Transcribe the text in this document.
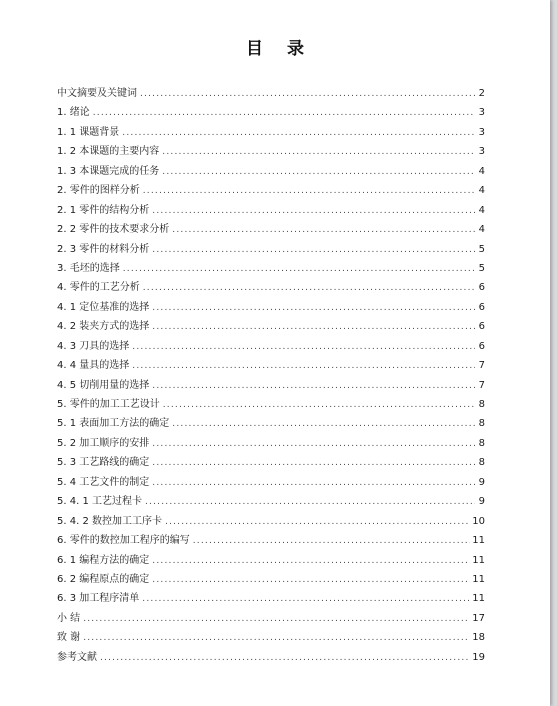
目 录
中文摘要及关键词 .....	2
1. 绪论 .....	3
1. 1 课题背景 .....	3
1. 2 本课题的主要内容 .....	3
1. 3 本课题完成的任务 .....	4
2. 零件的图样分析 .....	4
2. 1 零件的结构分析 .....	4
2. 2 零件的技术要求分析 .....	4
2. 3 零件的材料分析 .....	5
3. 毛坯的选择 .....	5
4. 零件的工艺分析 .....	6
4. 1 定位基准的选择 .....	6
4. 2 装夹方式的选择 .....	6
4. 3 刀具的选择 .....	6
4. 4 量具的选择 .....	7
4. 5 切削用量的选择 .....	7
5. 零件的加工工艺设计 .....	8
5. 1 表面加工方法的确定 .....	8
5. 2 加工顺序的安排 .....	8
5. 3 工艺路线的确定 .....	8
5. 4 工艺文件的制定 .....	9
5. 4. 1 工艺过程卡 .....	9
5. 4. 2 数控加工工序卡 .....	10
6. 零件的数控加工程序的编写 .....	11
6. 1 编程方法的确定 .....	11
6. 2 编程原点的确定 .....	11
6. 3 加工程序清单 .....	11
小 结 .....	17
致 谢 .....	18
参考文献 .....	19
